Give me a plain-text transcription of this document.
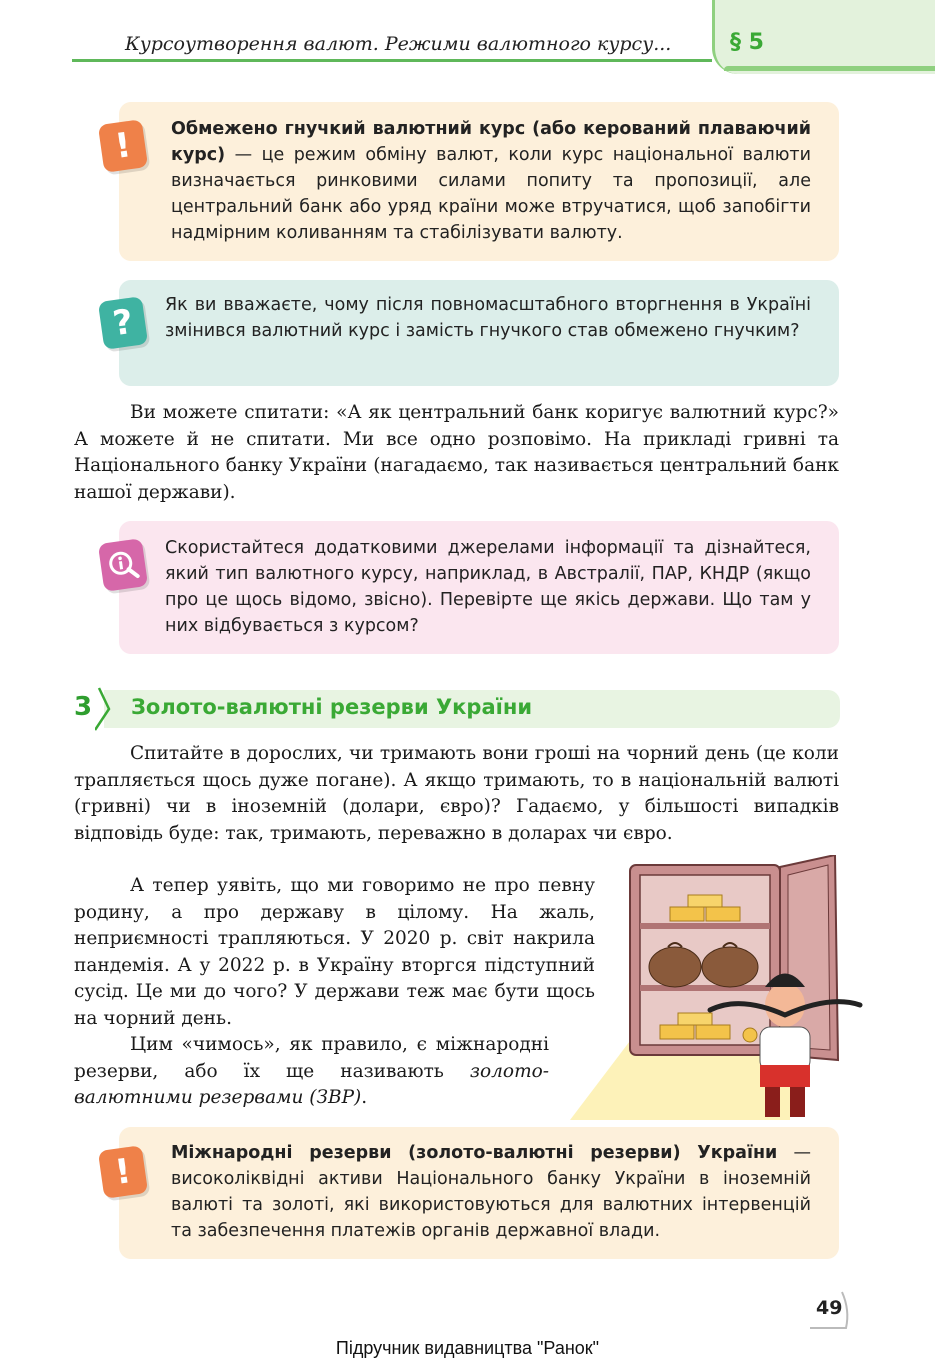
Курсоутворення валют. Режими валютного курсу...	§ 5
! Обмежено гнучкий валютний курс (або керований плаваючий курс) — це режим обміну валют, коли курс національної валюти визначається ринковими силами попиту та пропозиції, але центральний банк або уряд країни може втручатися, щоб запобігти надмірним коливанням та стабілізувати валюту.
? Як ви вважаєте, чому після повномасштабного вторгнення в Україні змінився валютний курс і замість гнучкого став обмежено гнучким?

Ви можете спитати: «А як центральний банк коригує валютний курс?» А можете й не спитати. Ми все одно розповімо. На прикладі гривні та Національного банку України (нагадаємо, так називається центральний банк нашої держави).

Скористайтеся додатковими джерелами інформації та дізнайтеся, який тип валютного курсу, наприклад, в Австралії, ПАР, КНДР (якщо про це щось відомо, звісно). Перевірте ще якісь держави. Що там у них відбувається з курсом?
3 Золото-валютні резерви України

Спитайте в дорослих, чи тримають вони гроші на чорний день (це коли трапляється щось дуже погане). А якщо тримають, то в національній валюті (гривні) чи в іноземній (долари, євро)? Гадаємо, у більшості випадків відповідь буде: так, тримають, переважно в доларах чи євро.

А тепер уявіть, що ми говоримо не про певну родину, а про державу в цілому. На жаль, неприємності трапляються. У 2020 р. світ накрила пандемія. А у 2022 р. в Україну вторгся підступний сусід. Це ми до чого? У держави теж має бути щось на чорний день.

Цим «чимось», як правило, є міжнародні резерви, або їх ще називають золото-валютними резервами (ЗВР).

! Міжнародні резерви (золото-валютні резерви) України — високоліквідні активи Національного банку України в іноземній валюті та золоті, які використовуються для валютних інтервенцій та забезпечення платежів органів державної влади.
49
Підручник видавництва "Ранок"
